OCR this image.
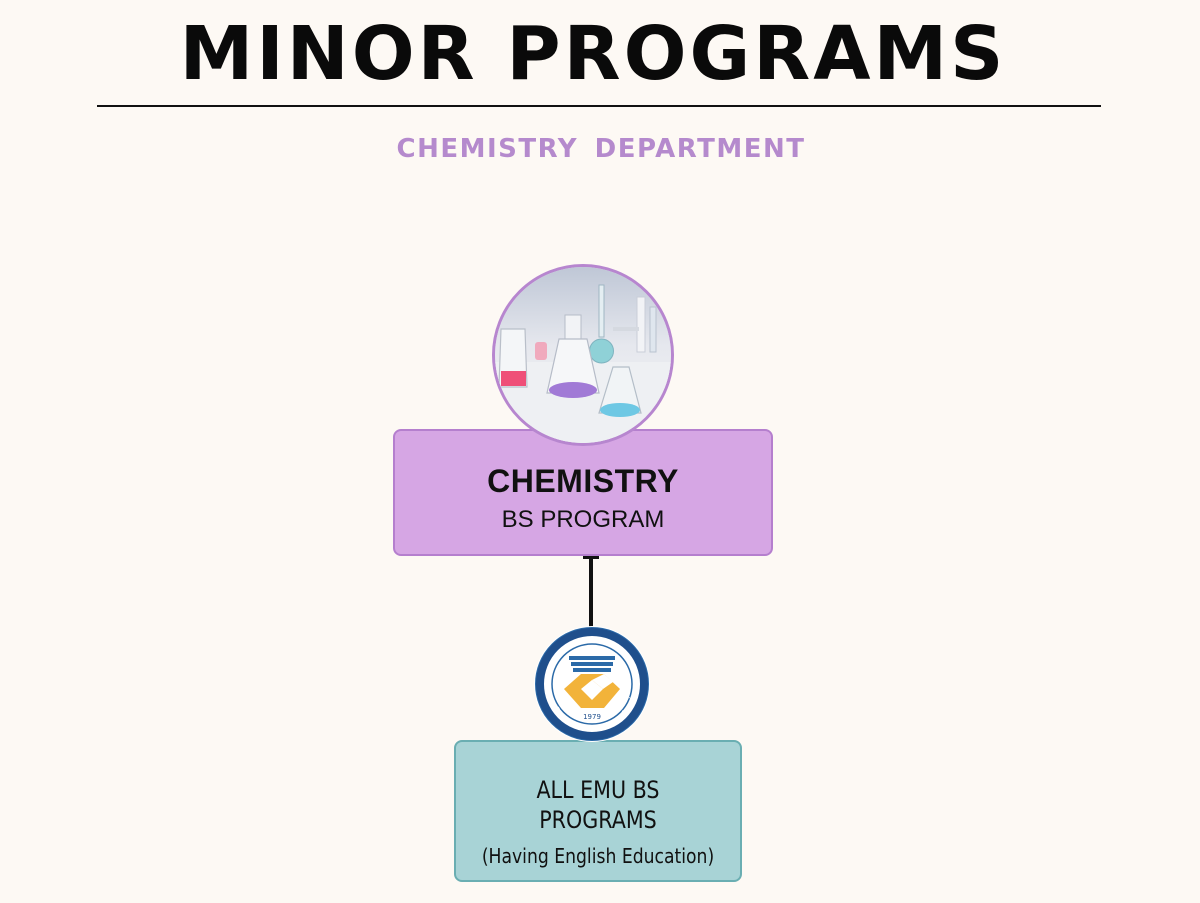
MINOR PROGRAMS
CHEMISTRY DEPARTMENT
CHEMISTRY
BS PROGRAM
TERN MEDITERRANEAN UNIVER
DOĞU AKDENİZ ÜNİVERSİTESİ
1979
ALL EMU BS PROGRAMS
(Having English Education)
